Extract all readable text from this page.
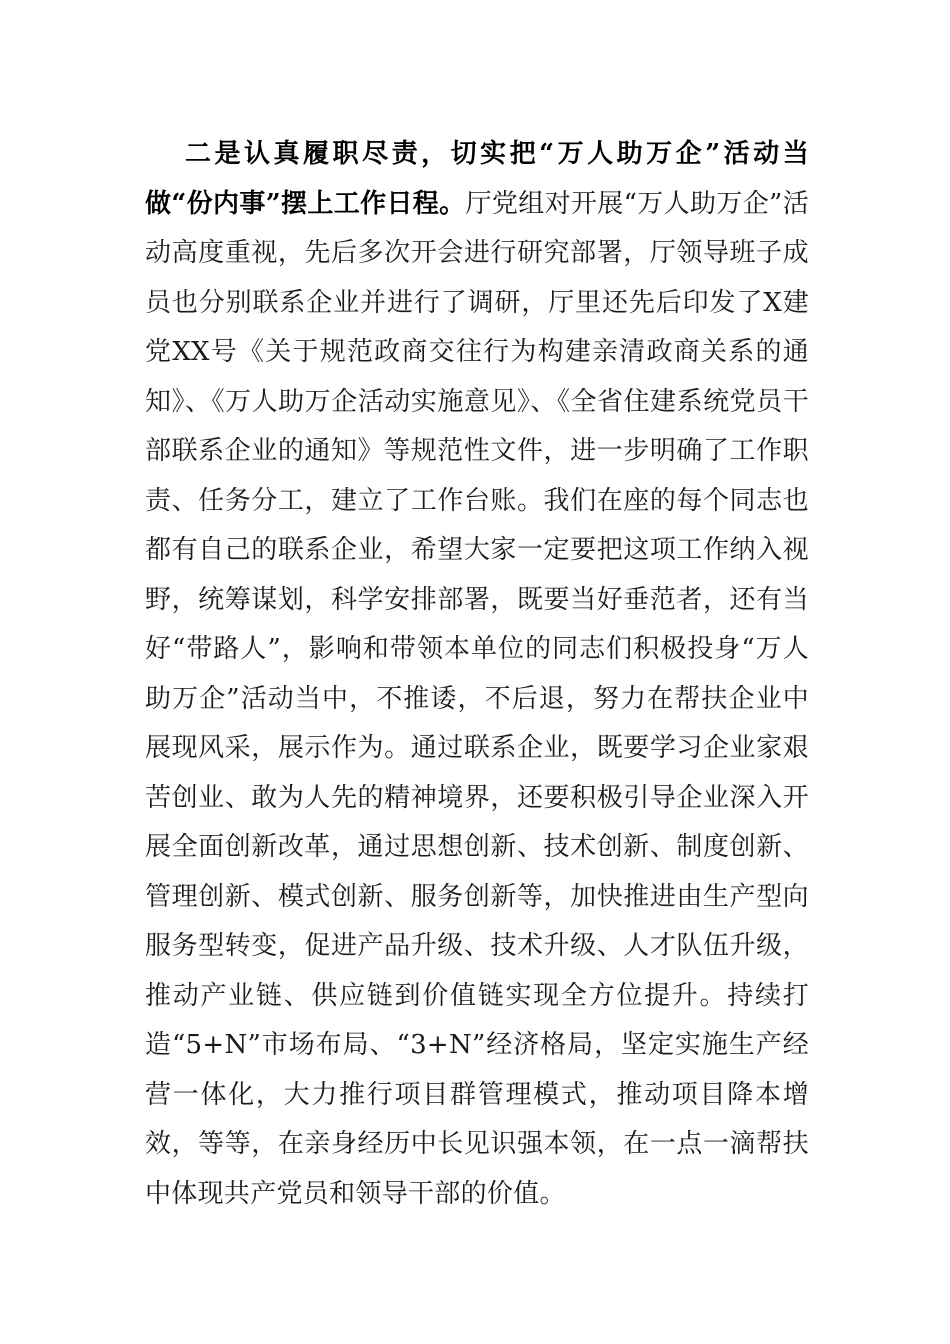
二是认真履职尽责，切实把“万人助万企”活动当做“份内事”摆上工作日程。厅党组对开展“万人助万企”活动高度重视，先后多次开会进行研究部署，厅领导班子成员也分别联系企业并进行了调研，厅里还先后印发了X建党XX号《关于规范政商交往行为构建亲清政商关系的通知》、《万人助万企活动实施意见》、《全省住建系统党员干部联系企业的通知》等规范性文件，进一步明确了工作职责、任务分工，建立了工作台账。我们在座的每个同志也都有自己的联系企业，希望大家一定要把这项工作纳入视野，统筹谋划，科学安排部署，既要当好垂范者，还有当好“带路人”，影响和带领本单位的同志们积极投身“万人助万企”活动当中，不推诿，不后退，努力在帮扶企业中展现风采，展示作为。通过联系企业，既要学习企业家艰苦创业、敢为人先的精神境界，还要积极引导企业深入开展全面创新改革，通过思想创新、技术创新、制度创新、管理创新、模式创新、服务创新等，加快推进由生产型向服务型转变，促进产品升级、技术升级、人才队伍升级，推动产业链、供应链到价值链实现全方位提升。持续打造“5+N”市场布局、“3+N”经济格局，坚定实施生产经营一体化，大力推行项目群管理模式，推动项目降本增效，等等，在亲身经历中长见识强本领，在一点一滴帮扶中体现共产党员和领导干部的价值。
